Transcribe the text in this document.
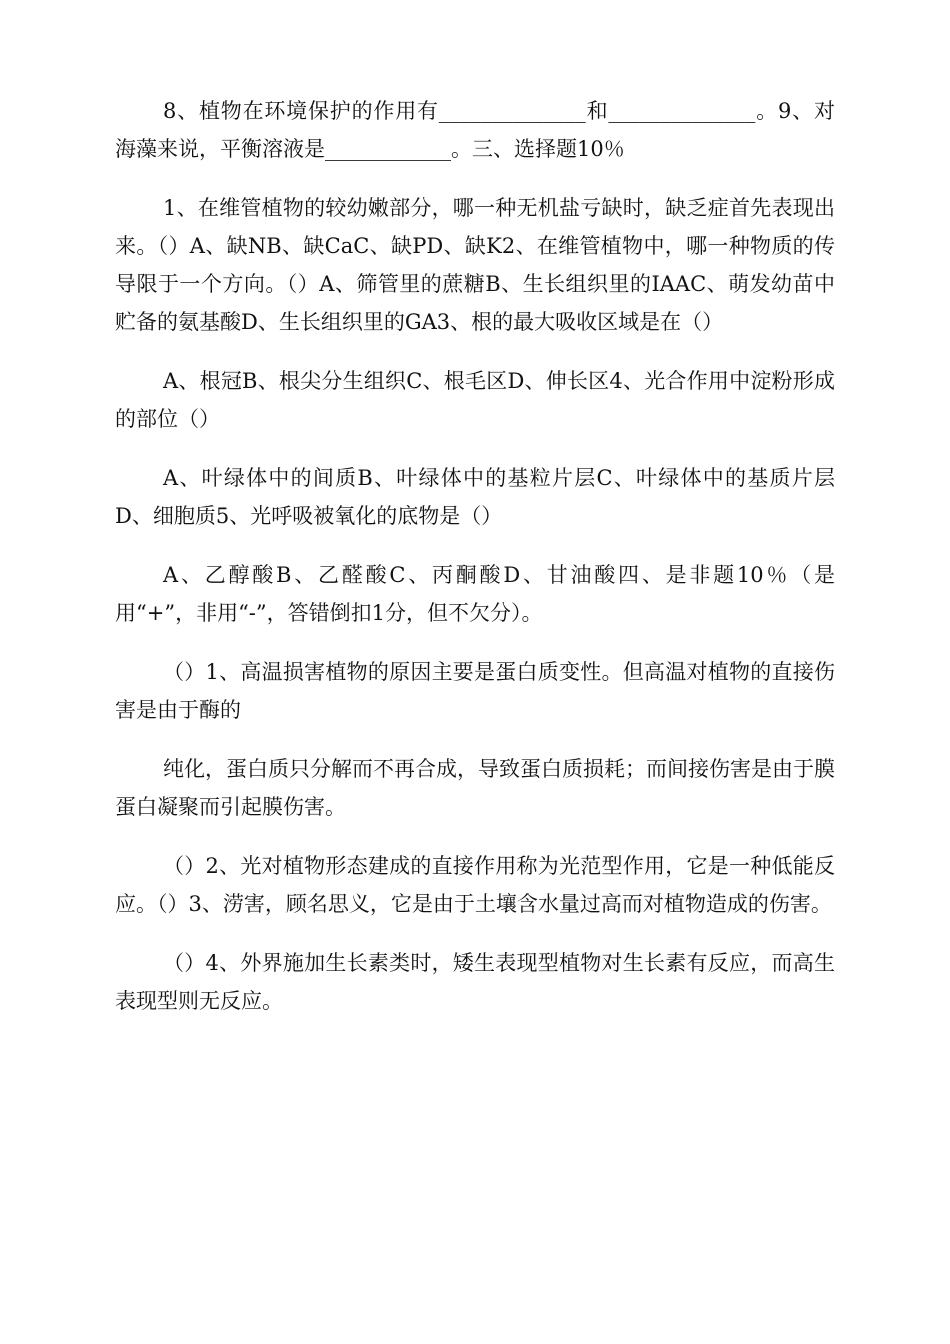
8、植物在环境保护的作用有______________和______________。9、对海藻来说，平衡溶液是____________。三、选择题10％

1、在维管植物的较幼嫩部分，哪一种无机盐亏缺时，缺乏症首先表现出来。（）A、缺NB、缺CaC、缺PD、缺K2、在维管植物中，哪一种物质的传导限于一个方向。（）A、筛管里的蔗糖B、生长组织里的IAAC、萌发幼苗中贮备的氨基酸D、生长组织里的GA3、根的最大吸收区域是在（）

A、根冠B、根尖分生组织C、根毛区D、伸长区4、光合作用中淀粉形成的部位（）

A、叶绿体中的间质B、叶绿体中的基粒片层C、叶绿体中的基质片层D、细胞质5、光呼吸被氧化的底物是（）

A、乙醇酸B、乙醛酸C、丙酮酸D、甘油酸四、是非题10％（是用“+”，非用“-”，答错倒扣1分，但不欠分）。

（）1、高温损害植物的原因主要是蛋白质变性。但高温对植物的直接伤害是由于酶的

纯化，蛋白质只分解而不再合成，导致蛋白质损耗；而间接伤害是由于膜蛋白凝聚而引起膜伤害。

（）2、光对植物形态建成的直接作用称为光范型作用，它是一种低能反应。（）3、涝害，顾名思义，它是由于土壤含水量过高而对植物造成的伤害。

（）4、外界施加生长素类时，矮生表现型植物对生长素有反应，而高生表现型则无反应。
